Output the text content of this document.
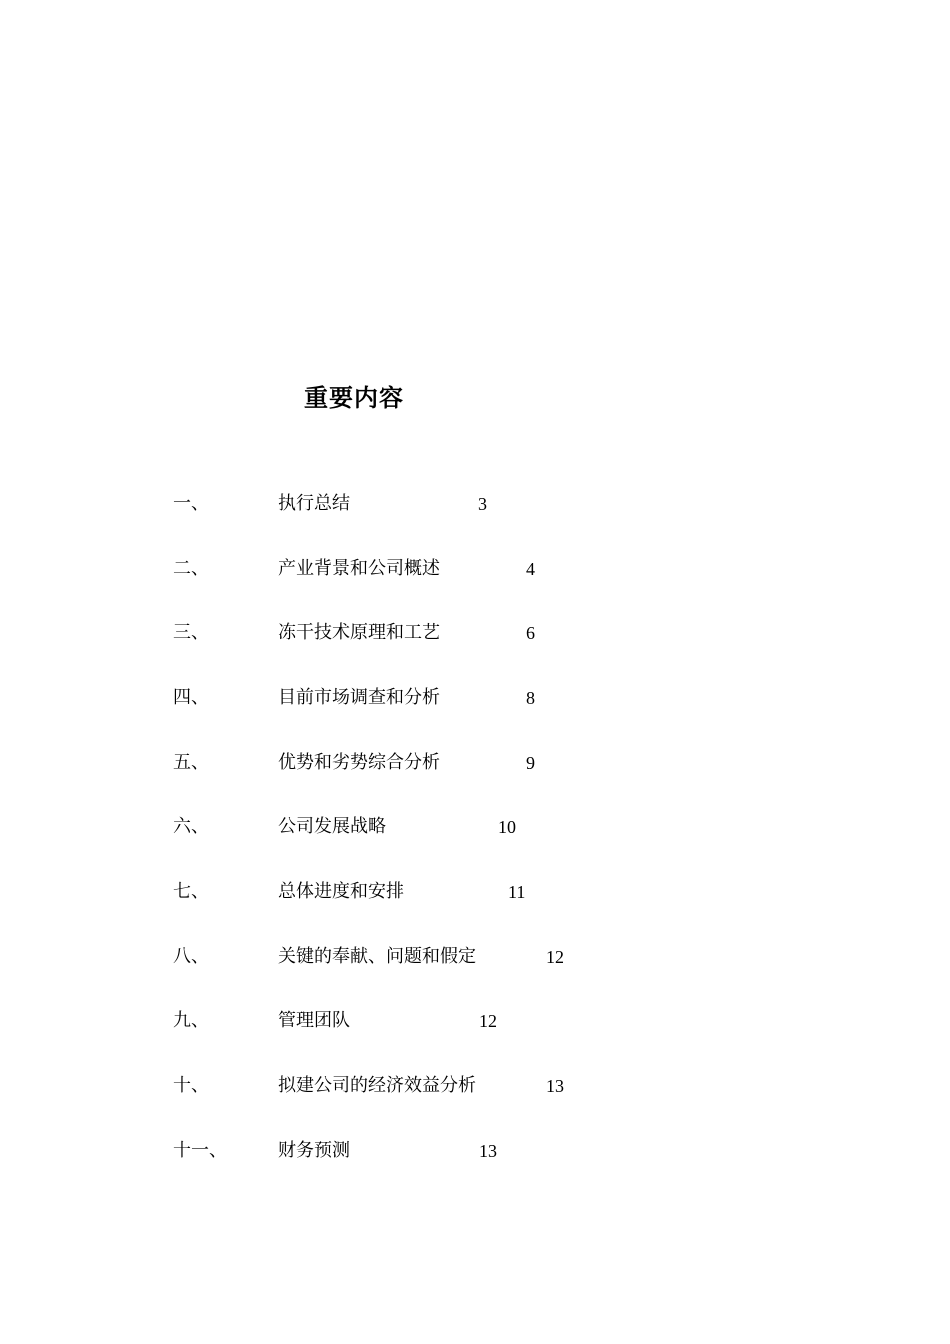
重要内容
一、	执行总结	3
二、	产业背景和公司概述	4
三、	冻干技术原理和工艺	6
四、	目前市场调查和分析	8
五、	优势和劣势综合分析	9
六、	公司发展战略	10
七、	总体进度和安排	11
八、	关键的奉献、问题和假定	12
九、	管理团队	12
十、	拟建公司的经济效益分析	13
十一、	财务预测	13
